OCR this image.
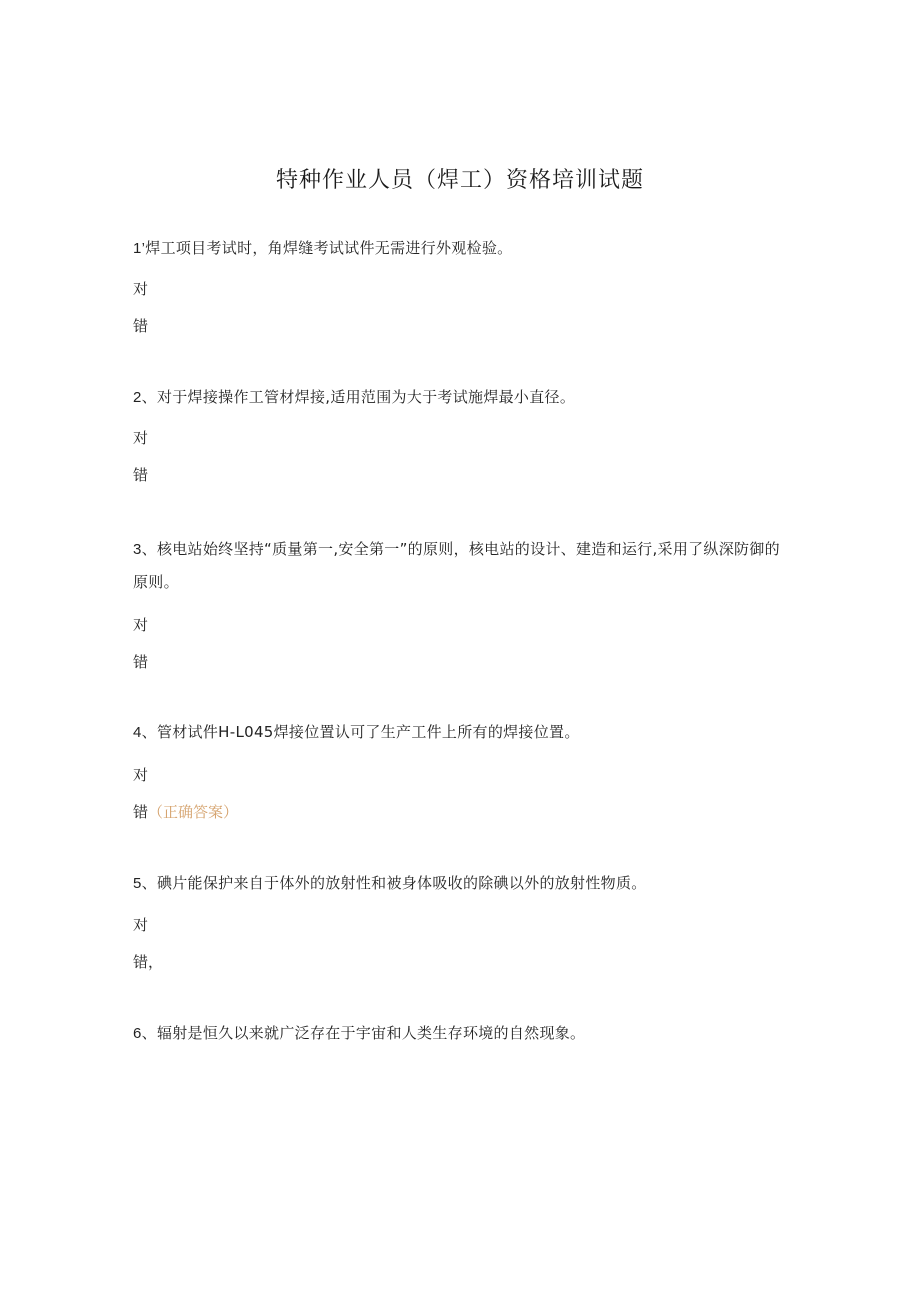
特种作业人员（焊工）资格培训试题
1’焊工项目考试时，角焊缝考试试件无需进行外观检验。
对
错
2、对于焊接操作工管材焊接,适用范围为大于考试施焊最小直径。
对
错
3、核电站始终坚持“质量第一,安全第一”的原则，核电站的设计、建造和运行,采用了纵深防御的原则。
对
错
4、管材试件H-L045焊接位置认可了生产工件上所有的焊接位置。
对
错（正确答案）
5、碘片能保护来自于体外的放射性和被身体吸收的除碘以外的放射性物质。
对
错，
6、辐射是恒久以来就广泛存在于宇宙和人类生存环境的自然现象。
